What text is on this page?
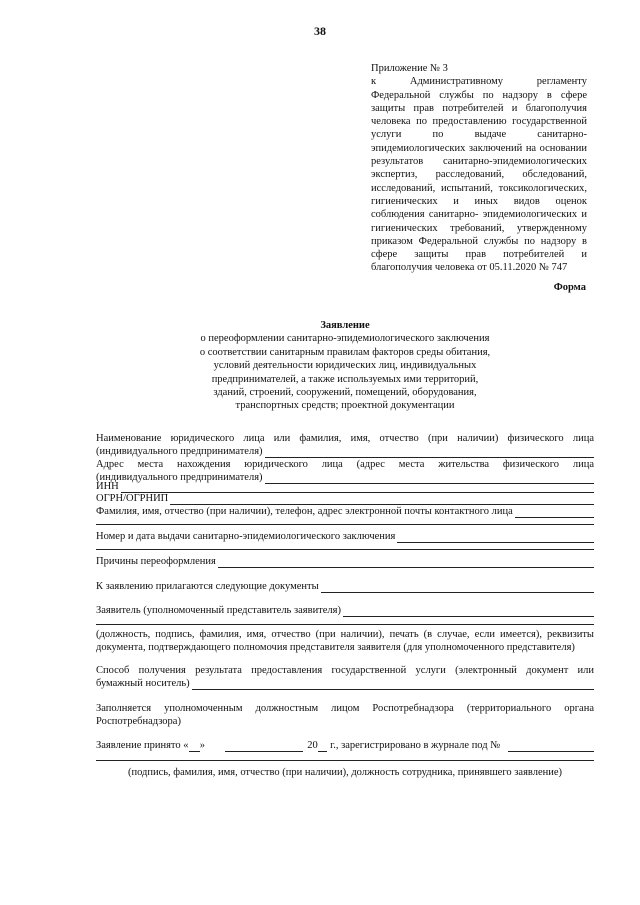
38
Приложение № 3
к Административному регламенту
Федеральной службы по надзору в сфере
защиты прав потребителей и благополучия
человека по предоставлению государственной
услуги по выдаче санитарно-
эпидемиологических заключений на основании
результатов санитарно-эпидемиологических
экспертиз, расследований, обследований,
исследований, испытаний, токсикологических,
гигиенических и иных видов оценок
соблюдения санитарно- эпидемиологических и
гигиенических требований, утвержденному
приказом Федеральной службы по надзору в
сфере защиты прав потребителей и
благополучия человека от 05.11.2020 № 747
Форма
Заявление
о переоформлении санитарно-эпидемиологического заключения
о соответствии санитарным правилам факторов среды обитания,
условий деятельности юридических лиц, индивидуальных
предпринимателей, а также используемых ими территорий,
зданий, строений, сооружений, помещений, оборудования,
транспортных средств; проектной документации
Наименование юридического лица или фамилия, имя, отчество (при наличии) физического лица
(индивидуального предпринимателя)
Адрес места нахождения юридического лица (адрес места жительства физического лица
(индивидуального предпринимателя)
ИНН
ОГРН/ОГРНИП
Фамилия, имя, отчество (при наличии), телефон, адрес электронной почты контактного лица
Номер и дата выдачи санитарно-эпидемиологического заключения
Причины переоформления
К заявлению прилагаются следующие документы
Заявитель (уполномоченный представитель заявителя)
(должность, подпись, фамилия, имя, отчество (при наличии), печать (в случае, если имеется), реквизиты документа, подтверждающего полномочия представителя заявителя (для уполномоченного представителя)
Способ получения результата предоставления государственной услуги (электронный документ или
бумажный носитель)
Заполняется уполномоченным должностным лицом Роспотребнадзора (территориального органа Роспотребнадзора)
Заявление принято « »	20 г., зарегистрировано в журнале под №
(подпись, фамилия, имя, отчество (при наличии), должность сотрудника, принявшего заявление)
